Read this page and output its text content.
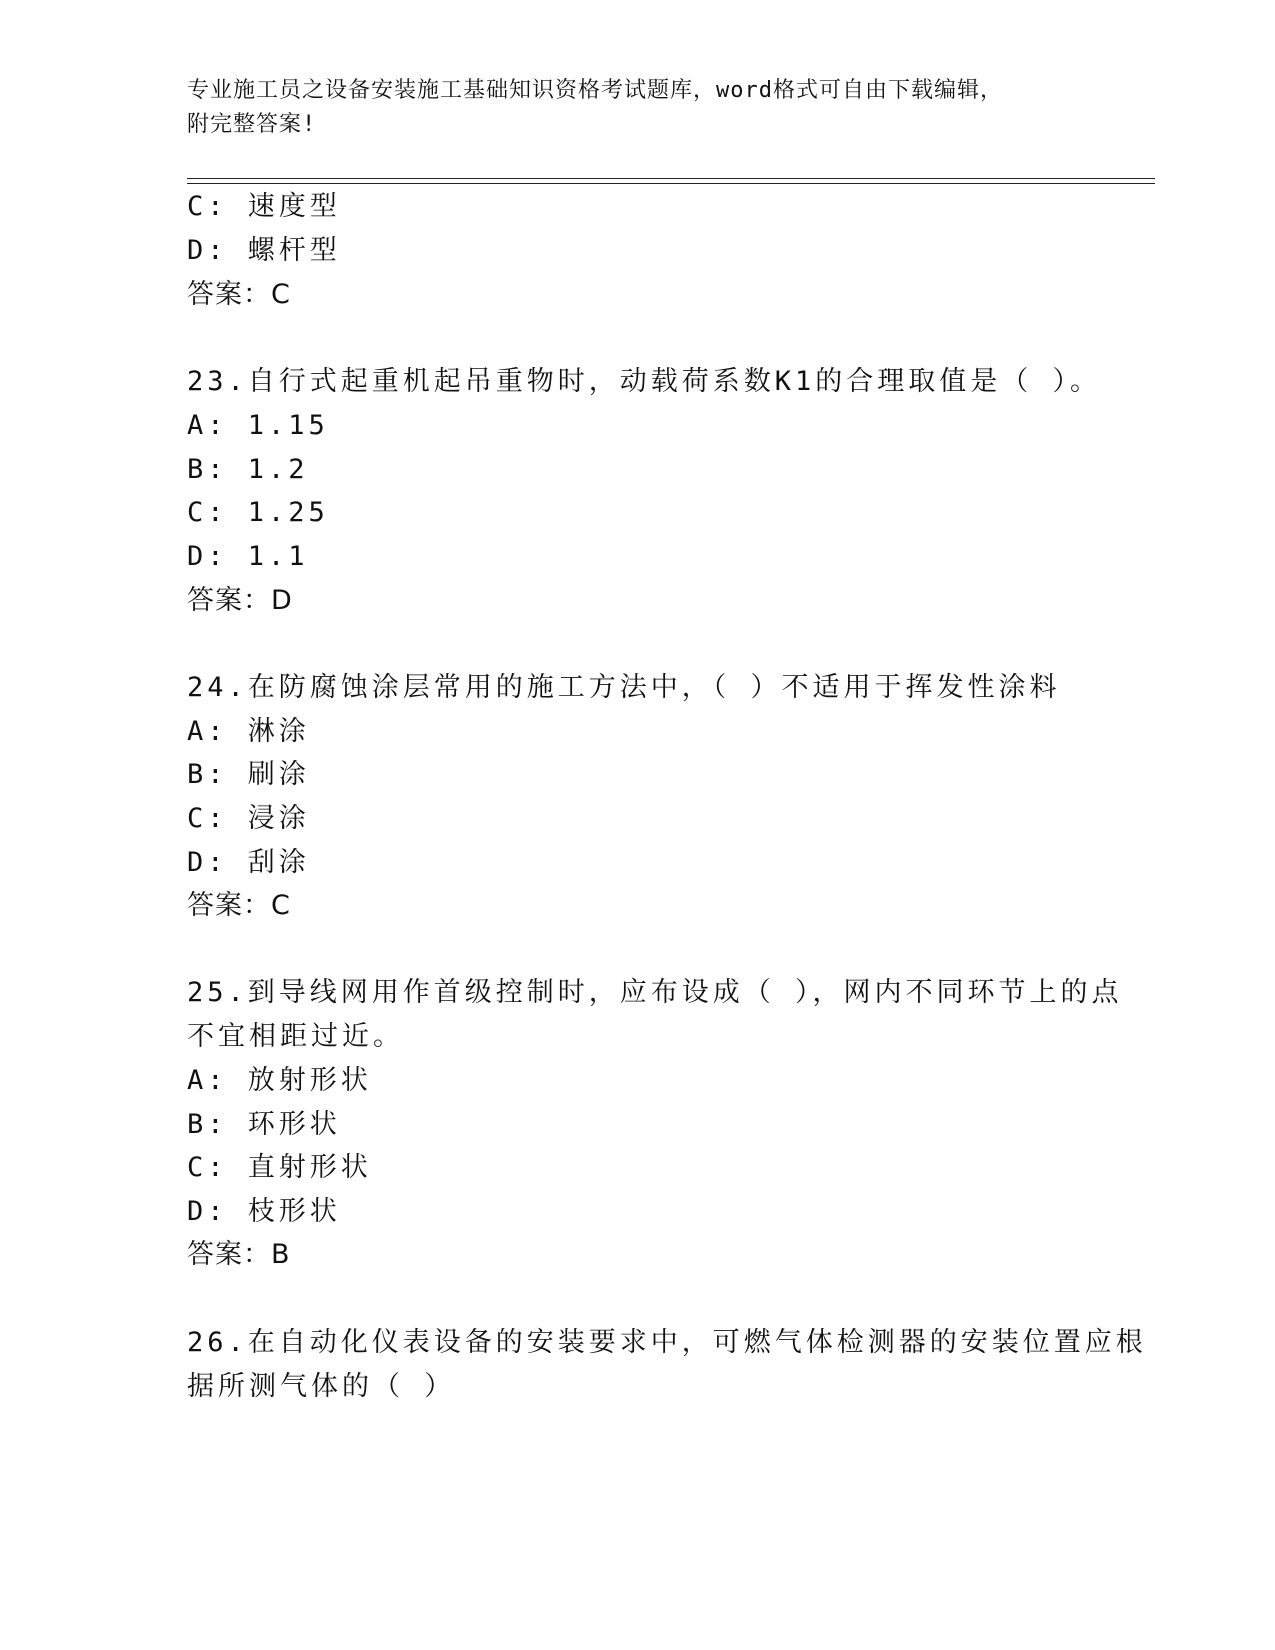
专业施工员之设备安装施工基础知识资格考试题库，word格式可自由下载编辑，
附完整答案!
C: 速度型
D: 螺杆型
答案：C
23.自行式起重机起吊重物时，动载荷系数K1的合理取值是（ ）。
A: 1.15
B: 1.2
C: 1.25
D: 1.1
答案：D
24.在防腐蚀涂层常用的施工方法中，（ ）不适用于挥发性涂料
A: 淋涂
B: 刷涂
C: 浸涂
D: 刮涂
答案：C
25.到导线网用作首级控制时，应布设成（ ），网内不同环节上的点
不宜相距过近。
A: 放射形状
B: 环形状
C: 直射形状
D: 枝形状
答案：B
26.在自动化仪表设备的安装要求中，可燃气体检测器的安装位置应根
据所测气体的（ ）
